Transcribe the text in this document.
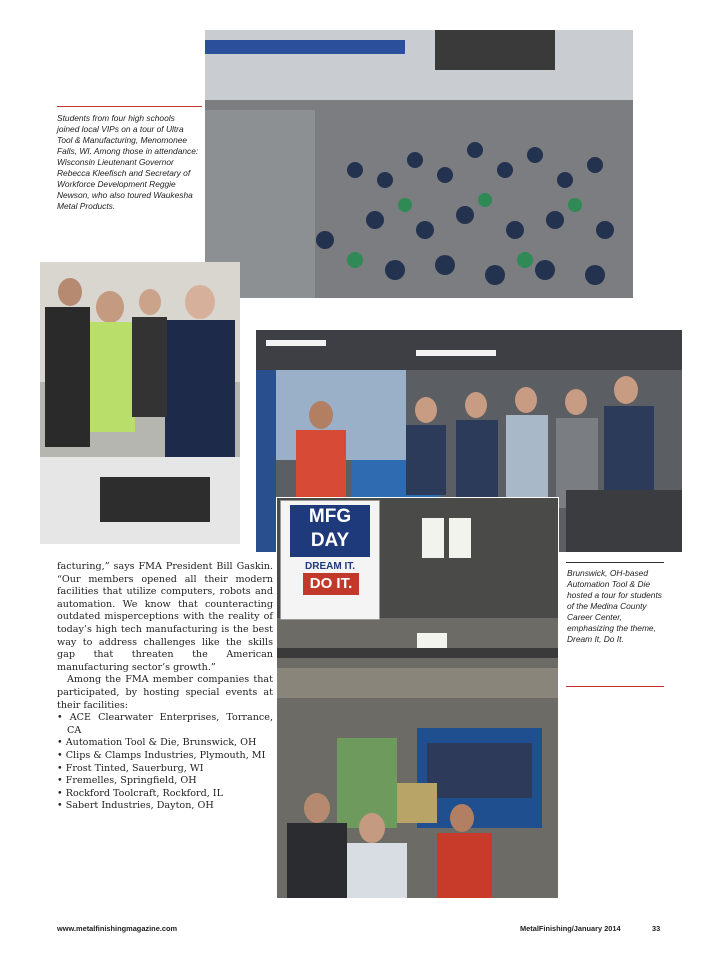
Students from four high schools joined local VIPs on a tour of Ultra Tool & Manufacturing, Menomonee Falls, WI. Among those in attendance: Wisconsin Lieutenant Governor Rebecca Kleefisch and Secretary of Workforce Development Reggie Newson, who also toured Waukesha Metal Products.

MFG
DAY
DREAM IT.
DO IT.

Brunswick, OH-based Automation Tool & Die hosted a tour for students of the Medina County Career Center, emphasizing the theme, Dream It, Do It.

facturing,” says FMA President Bill Gaskin. “Our members opened all their modern facilities that utilize computers, robots and automation. We know that counteracting outdated misperceptions with the reality of today’s high tech manufacturing is the best way to address challenges like the skills gap that threaten the American manufacturing sector’s growth.”

Among the FMA member companies that participated, by hosting special events at their facilities:

• ACE Clearwater Enterprises, Torrance, CA

• Automation Tool & Die, Brunswick, OH

• Clips & Clamps Industries, Plymouth, MI

• Frost Tinted, Sauerburg, WI

• Fremelles, Springfield, OH

• Rockford Toolcraft, Rockford, IL

• Sabert Industries, Dayton, OH

www.metalfinishingmagazine.com	MetalFinishing/January 2014	33
